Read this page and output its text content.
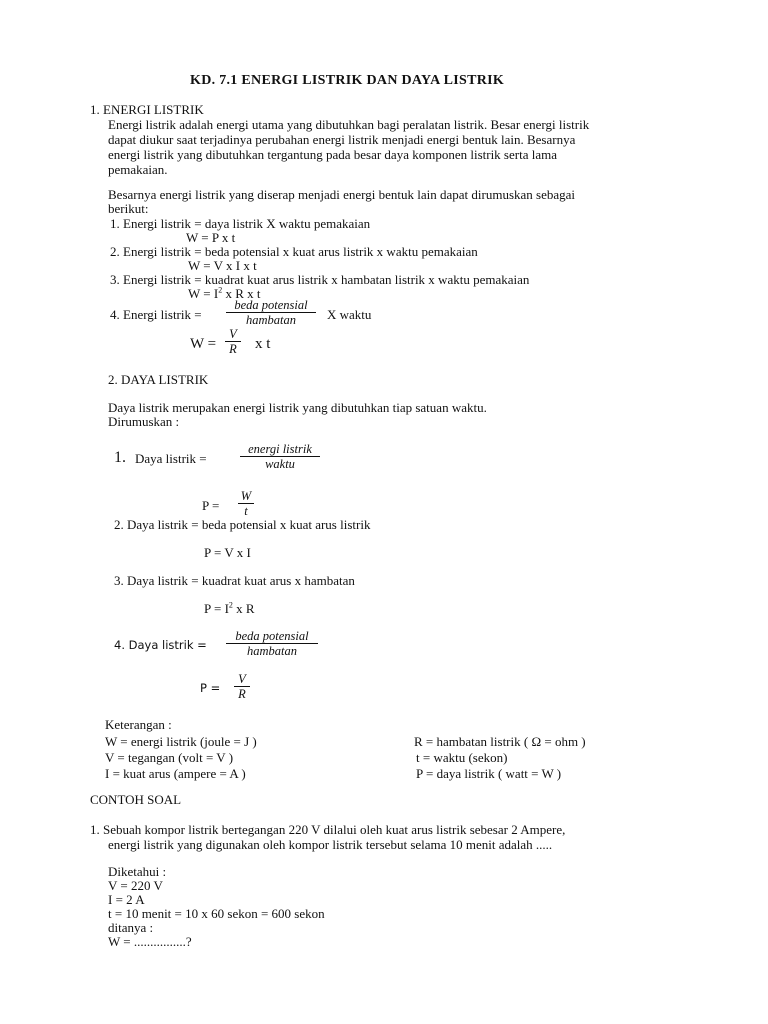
KD. 7.1 ENERGI LISTRIK DAN DAYA LISTRIK
1. ENERGI LISTRIK
Energi listrik adalah energi utama yang dibutuhkan bagi peralatan listrik. Besar energi listrik
dapat diukur saat terjadinya perubahan energi listrik menjadi energi bentuk lain. Besarnya
energi listrik yang dibutuhkan tergantung pada besar daya komponen listrik serta lama
pemakaian.
Besarnya energi listrik yang diserap menjadi energi bentuk lain dapat dirumuskan sebagai
berikut:
1. Energi listrik = daya listrik X waktu pemakaian
W = P x t
2. Energi listrik = beda potensial x kuat arus listrik x waktu pemakaian
W = V x I x t
3. Energi listrik = kuadrat kuat arus listrik x hambatan listrik x waktu pemakaian
$W = I^2$ x R x t
4. Energi listrik =
beda potensial
hambatan	X waktu
$W = \frac{V}{R}$ x t
2. DAYA LISTRIK
Daya listrik merupakan energi listrik yang dibutuhkan tiap satuan waktu.
Dirumuskan :
1. Daya listrik =
energi listrik
waktu
$P = \frac{W}{t}$
2. Daya listrik = beda potensial x kuat arus listrik
P = V x I
3. Daya listrik = kuadrat kuat arus x hambatan
$P = I^2$ x R
4. Daya listrik =
beda potensial
hambatan
$P = \frac{V}{R}$
Keterangan :
W = energi listrik (joule = J )
V = tegangan (volt = V )
I = kuat arus (ampere = A )
R = hambatan listrik ( Ω = ohm )
t = waktu (sekon)
P = daya listrik ( watt = W )
CONTOH SOAL
1. Sebuah kompor listrik bertegangan 220 V dilalui oleh kuat arus listrik sebesar 2 Ampere,
energi listrik yang digunakan oleh kompor listrik tersebut selama 10 menit adalah .....
Diketahui :
V = 220 V
I = 2 A
t = 10 menit = 10 x 60 sekon = 600 sekon
ditanya :
W = ................?
